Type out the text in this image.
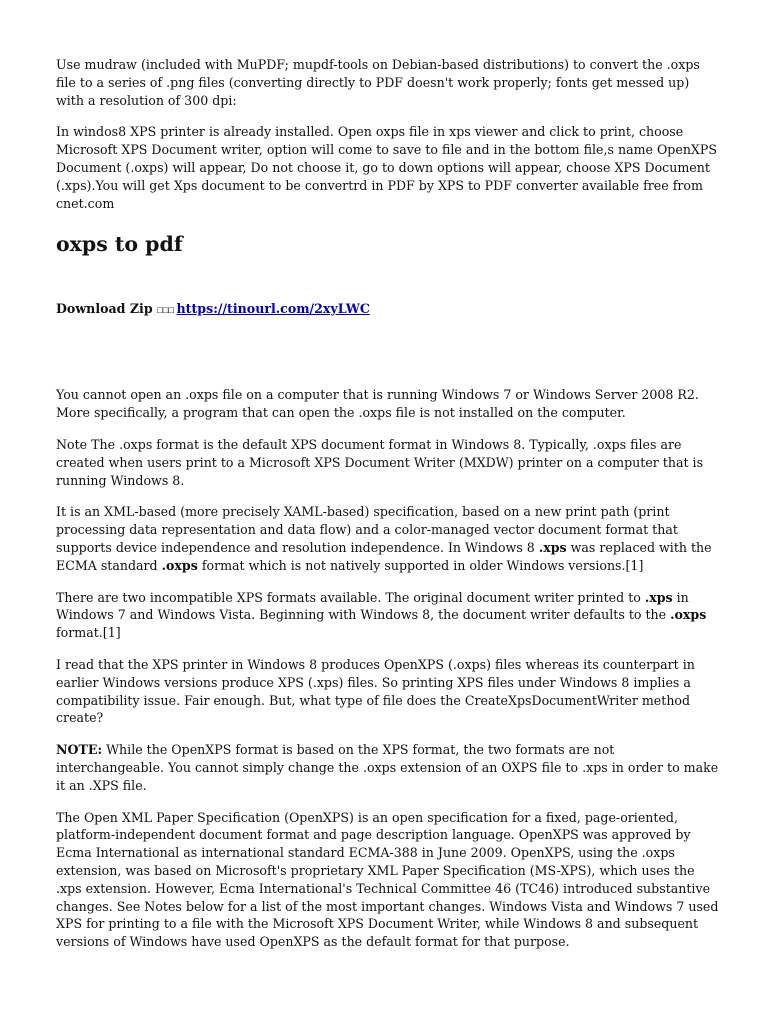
Use mudraw (included with MuPDF; mupdf-tools on Debian-based distributions) to convert the .oxps file to a series of .png files (converting directly to PDF doesn't work properly; fonts get messed up) with a resolution of 300 dpi:

In windos8 XPS printer is already installed. Open oxps file in xps viewer and click to print, choose Microsoft XPS Document writer, option will come to save to file and in the bottom file,s name OpenXPS Document (.oxps) will appear, Do not choose it, go to down options will appear, choose XPS Document (.xps).You will get Xps document to be convertrd in PDF by XPS to PDF converter available free from cnet.com

oxps to pdf
Download Zip ☐☐☐ https://tinourl.com/2xyLWC

You cannot open an .oxps file on a computer that is running Windows 7 or Windows Server 2008 R2. More specifically, a program that can open the .oxps file is not installed on the computer.

Note The .oxps format is the default XPS document format in Windows 8. Typically, .oxps files are created when users print to a Microsoft XPS Document Writer (MXDW) printer on a computer that is running Windows 8.

It is an XML-based (more precisely XAML-based) specification, based on a new print path (print processing data representation and data flow) and a color-managed vector document format that supports device independence and resolution independence. In Windows 8 .xps was replaced with the ECMA standard .oxps format which is not natively supported in older Windows versions.[1]

There are two incompatible XPS formats available. The original document writer printed to .xps in Windows 7 and Windows Vista. Beginning with Windows 8, the document writer defaults to the .oxps format.[1]

I read that the XPS printer in Windows 8 produces OpenXPS (.oxps) files whereas its counterpart in earlier Windows versions produce XPS (.xps) files. So printing XPS files under Windows 8 implies a compatibility issue. Fair enough. But, what type of file does the CreateXpsDocumentWriter method create?

NOTE: While the OpenXPS format is based on the XPS format, the two formats are not interchangeable. You cannot simply change the .oxps extension of an OXPS file to .xps in order to make it an .XPS file.

The Open XML Paper Specification (OpenXPS) is an open specification for a fixed, page-oriented, platform-independent document format and page description language. OpenXPS was approved by Ecma International as international standard ECMA-388 in June 2009. OpenXPS, using the .oxps extension, was based on Microsoft's proprietary XML Paper Specification (MS-XPS), which uses the .xps extension. However, Ecma International's Technical Committee 46 (TC46) introduced substantive changes. See Notes below for a list of the most important changes. Windows Vista and Windows 7 used XPS for printing to a file with the Microsoft XPS Document Writer, while Windows 8 and subsequent versions of Windows have used OpenXPS as the default format for that purpose.
